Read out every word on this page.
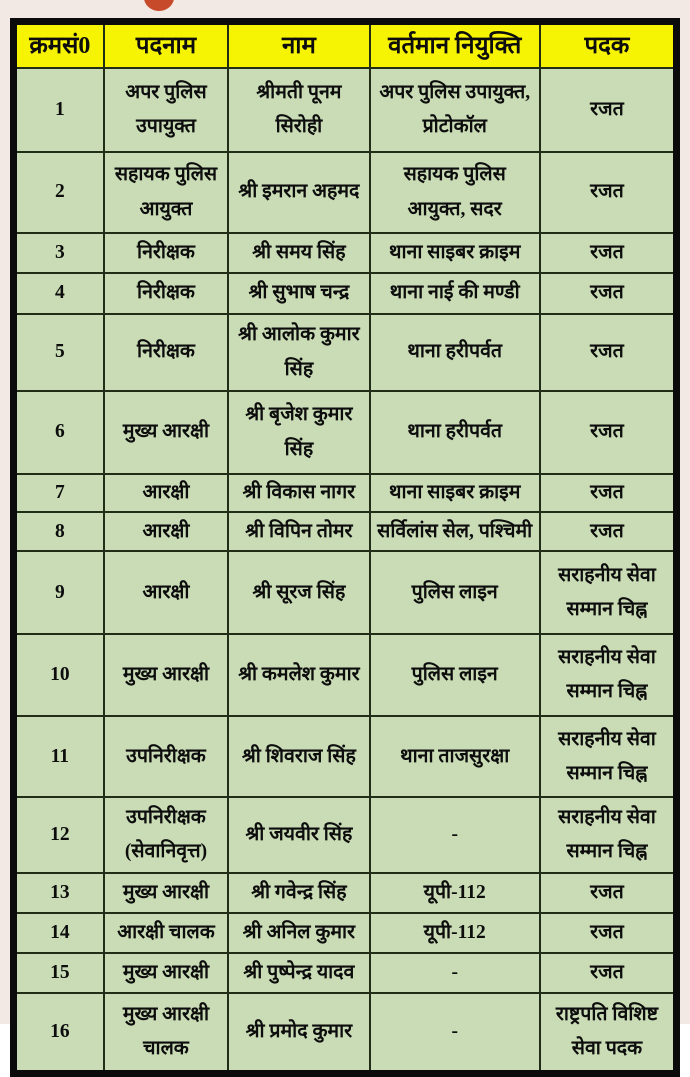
क्रमसं0	पदनाम	नाम	वर्तमान नियुक्ति	पदक
1	अपर पुलिस उपायुक्त	श्रीमती पूनम सिरोही	अपर पुलिस उपायुक्त, प्रोटोकॉल	रजत
2	सहायक पुलिस आयुक्त	श्री इमरान अहमद	सहायक पुलिस आयुक्त, सदर	रजत
3	निरीक्षक	श्री समय सिंह	थाना साइबर क्राइम	रजत
4	निरीक्षक	श्री सुभाष चन्द्र	थाना नाई की मण्डी	रजत
5	निरीक्षक	श्री आलोक कुमार सिंह	थाना हरीपर्वत	रजत
6	मुख्य आरक्षी	श्री बृजेश कुमार सिंह	थाना हरीपर्वत	रजत
7	आरक्षी	श्री विकास नागर	थाना साइबर क्राइम	रजत
8	आरक्षी	श्री विपिन तोमर	सर्विलांस सेल, पश्चिमी	रजत
9	आरक्षी	श्री सूरज सिंह	पुलिस लाइन	सराहनीय सेवा सम्मान चिह्न
10	मुख्य आरक्षी	श्री कमलेश कुमार	पुलिस लाइन	सराहनीय सेवा सम्मान चिह्न
11	उपनिरीक्षक	श्री शिवराज सिंह	थाना ताजसुरक्षा	सराहनीय सेवा सम्मान चिह्न
12	उपनिरीक्षक (सेवानिवृत्त)	श्री जयवीर सिंह	-	सराहनीय सेवा सम्मान चिह्न
13	मुख्य आरक्षी	श्री गवेन्द्र सिंह	यूपी-112	रजत
14	आरक्षी चालक	श्री अनिल कुमार	यूपी-112	रजत
15	मुख्य आरक्षी	श्री पुष्पेन्द्र यादव	-	रजत
16	मुख्य आरक्षी चालक	श्री प्रमोद कुमार	-	राष्ट्रपति विशिष्ट सेवा पदक
